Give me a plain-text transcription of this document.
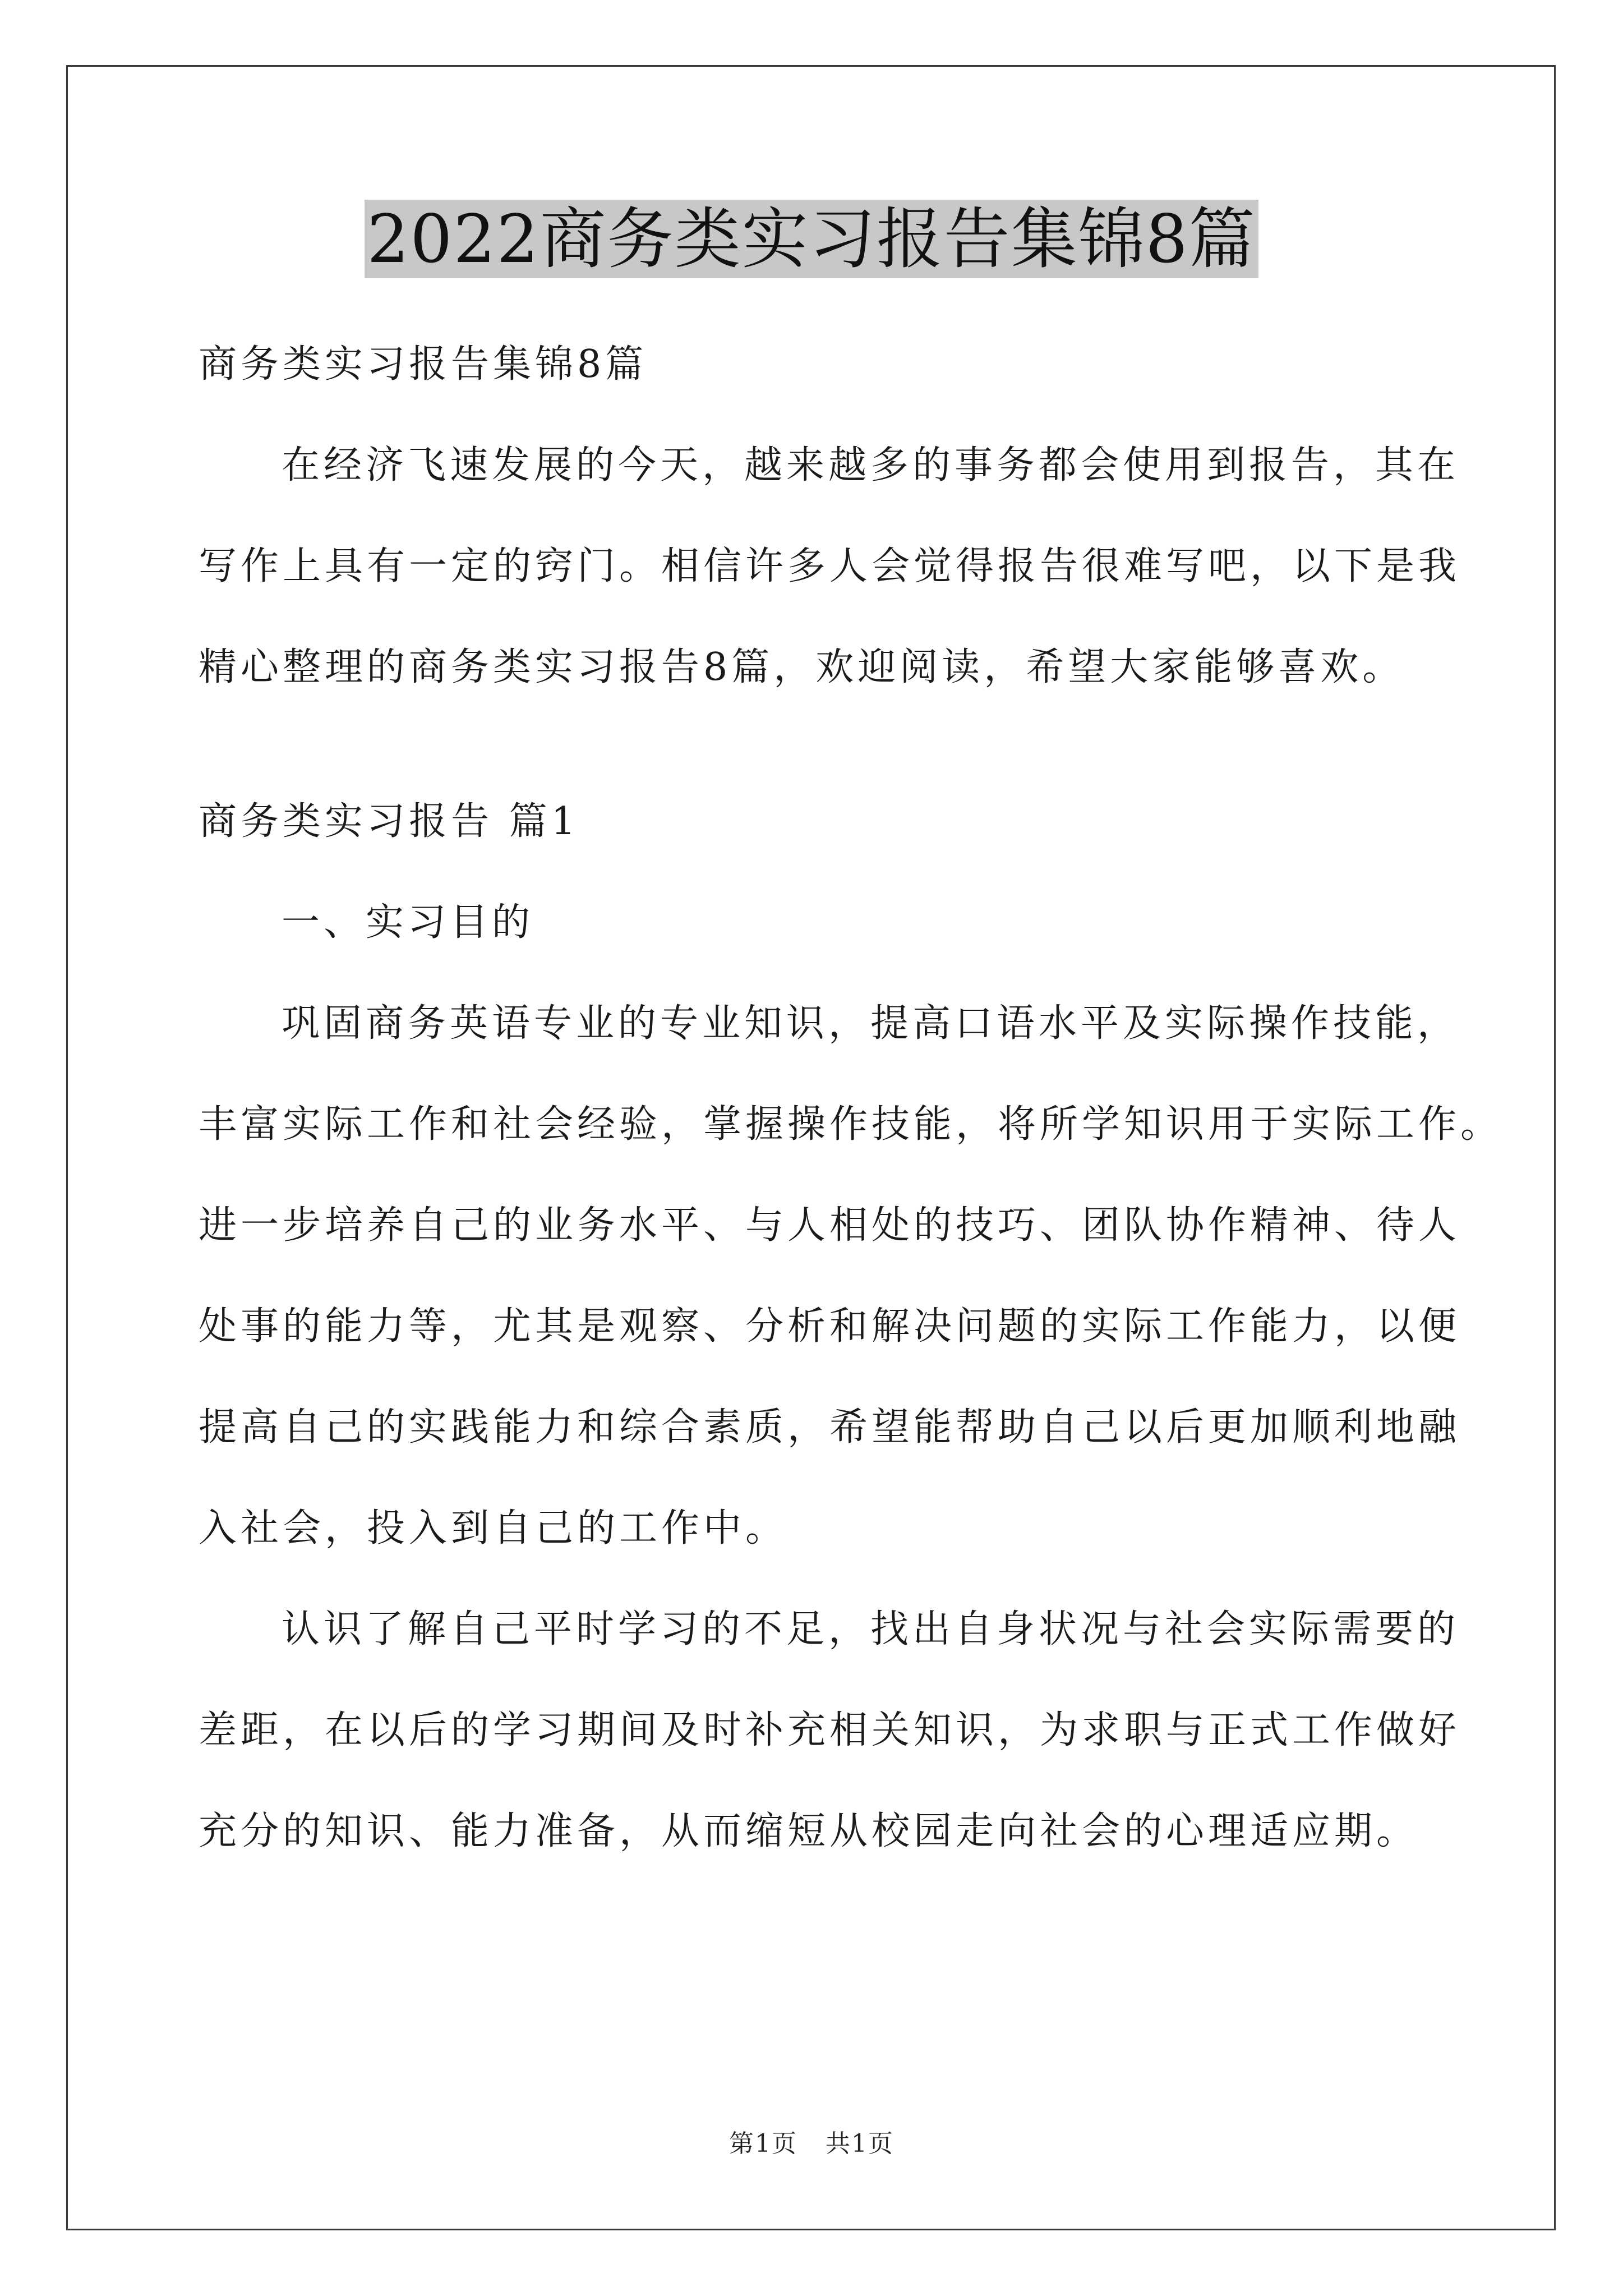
2022商务类实习报告集锦8篇
商务类实习报告集锦8篇
在经济飞速发展的今天，越来越多的事务都会使用到报告，其在
写作上具有一定的窍门。相信许多人会觉得报告很难写吧，以下是我
精心整理的商务类实习报告8篇，欢迎阅读，希望大家能够喜欢。
商务类实习报告 篇1
一、实习目的
巩固商务英语专业的专业知识，提高口语水平及实际操作技能，
丰富实际工作和社会经验，掌握操作技能，将所学知识用于实际工作。
进一步培养自己的业务水平、与人相处的技巧、团队协作精神、待人
处事的能力等，尤其是观察、分析和解决问题的实际工作能力，以便
提高自己的实践能力和综合素质，希望能帮助自己以后更加顺利地融
入社会，投入到自己的工作中。
认识了解自己平时学习的不足，找出自身状况与社会实际需要的
差距，在以后的学习期间及时补充相关知识，为求职与正式工作做好
充分的知识、能力准备，从而缩短从校园走向社会的心理适应期。
第1页 共1页
